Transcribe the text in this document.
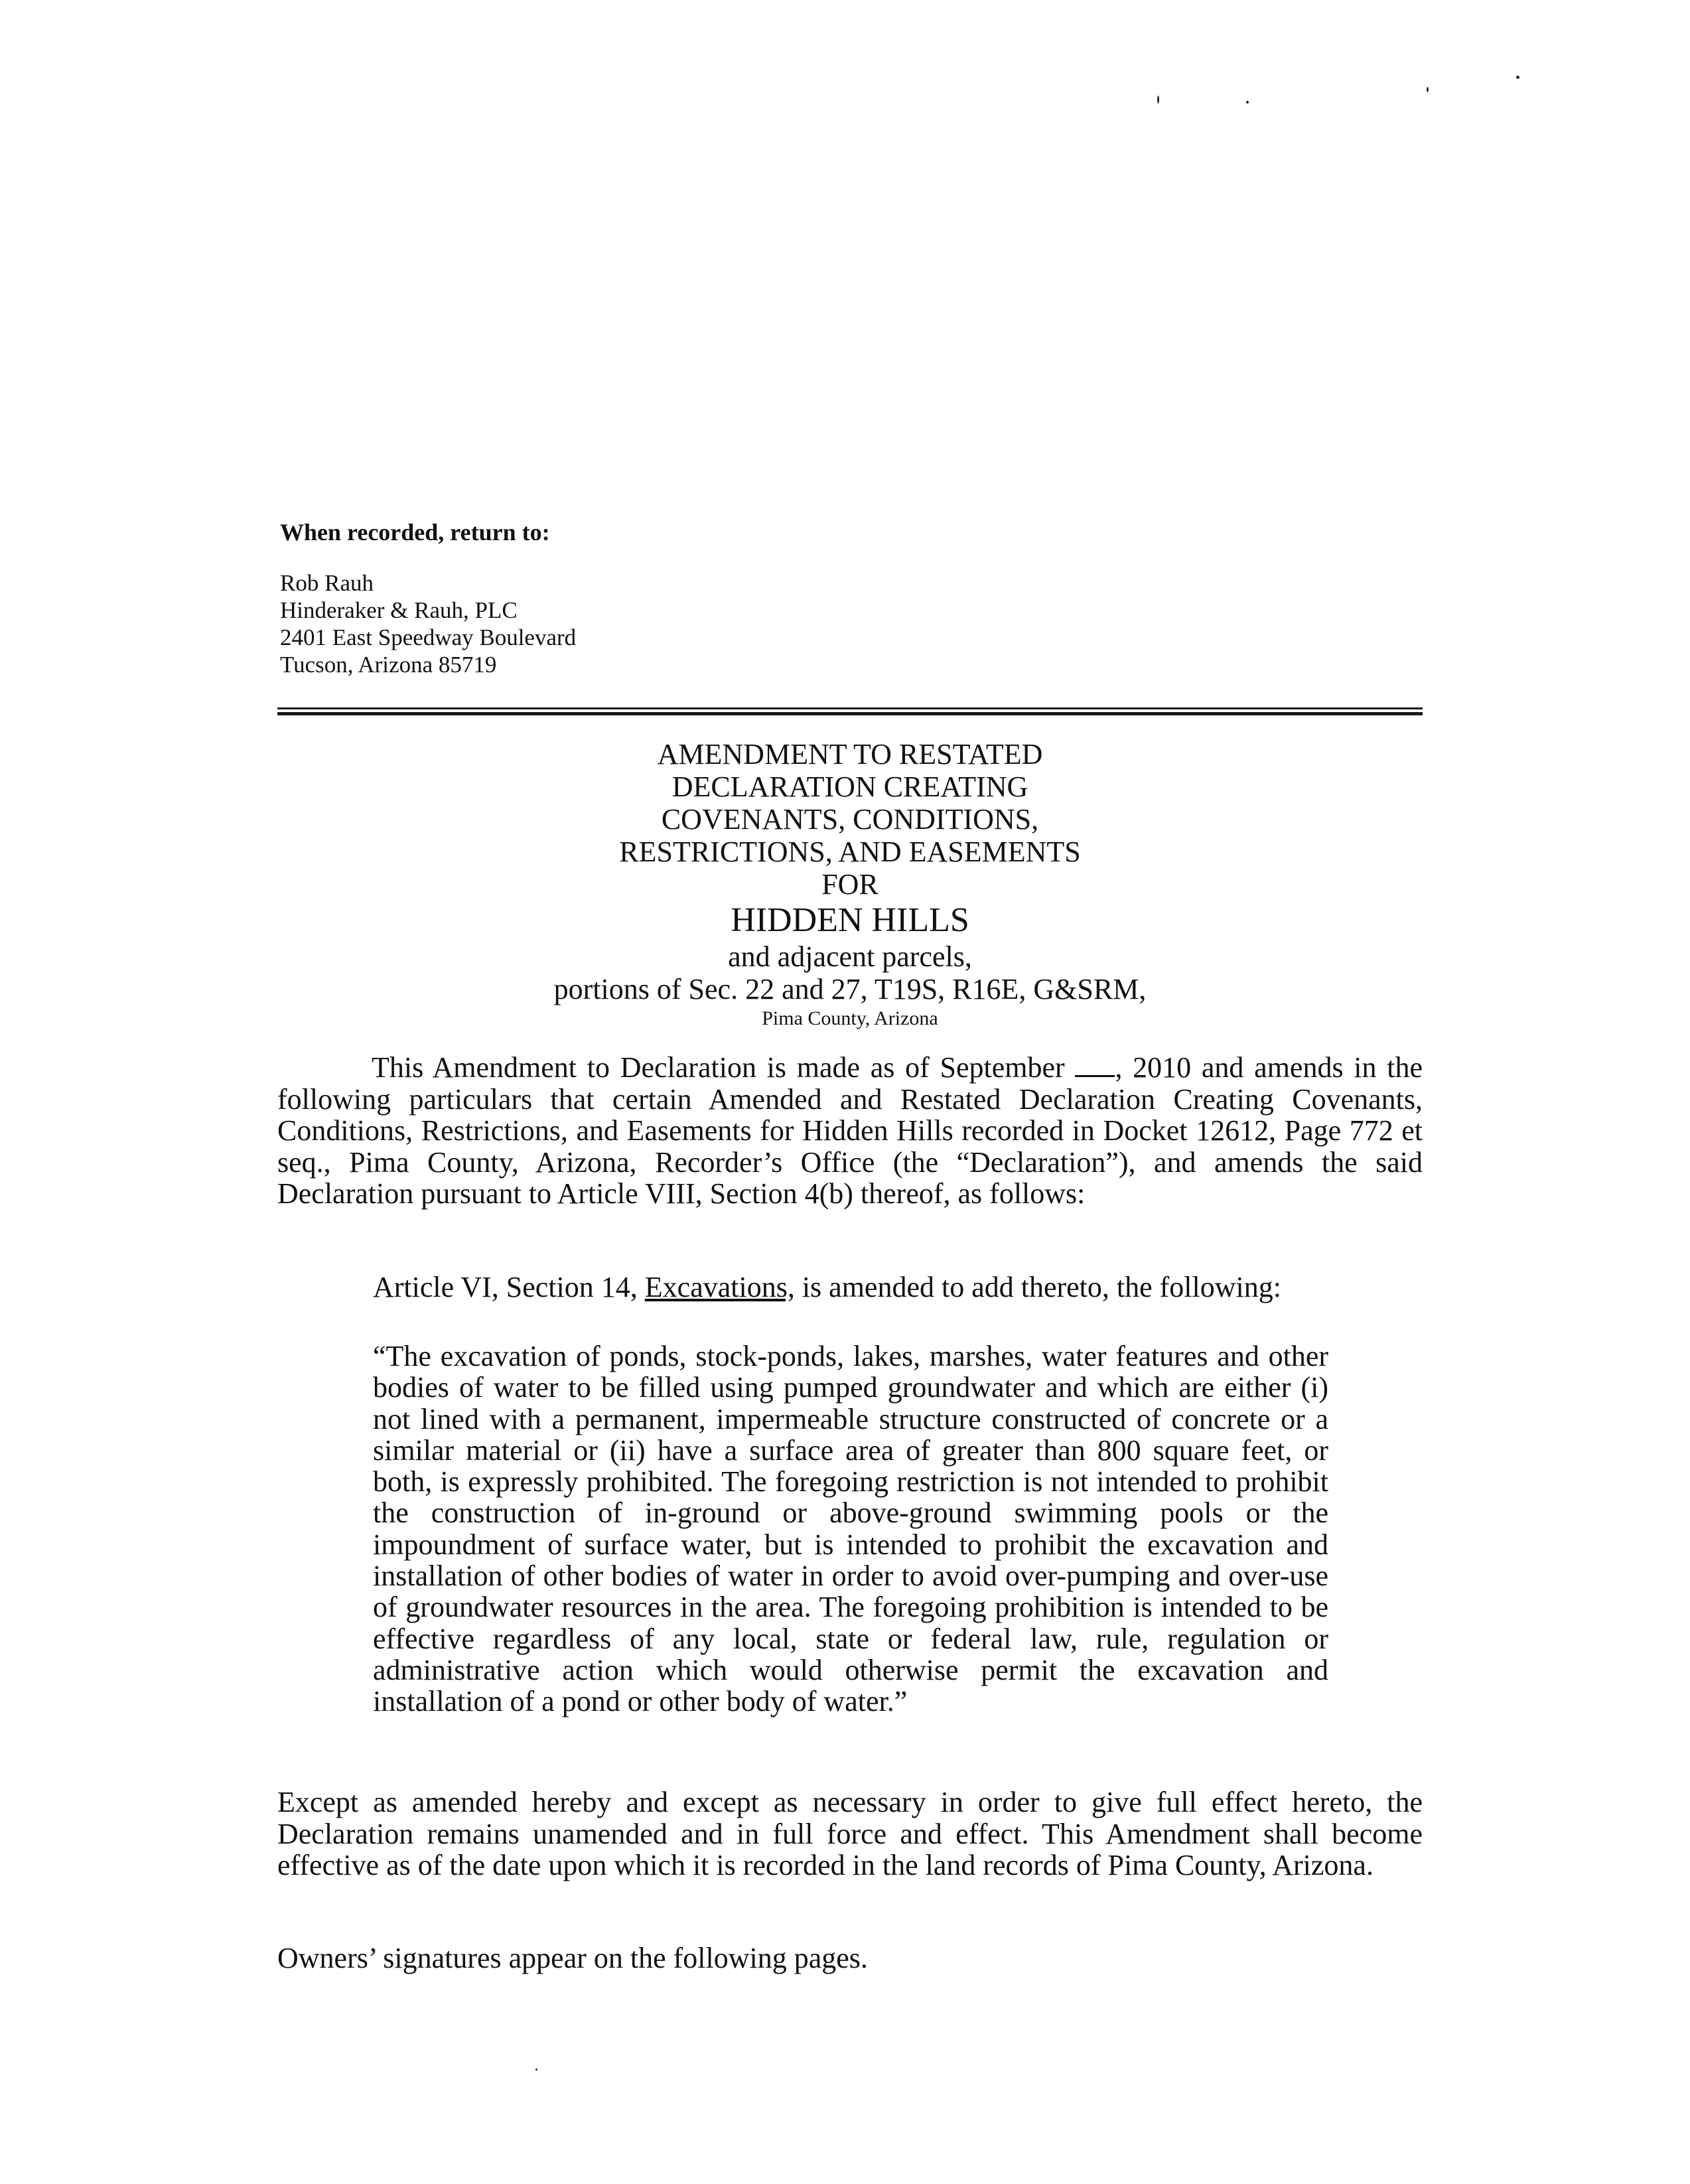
When recorded, return to:
Rob Rauh
Hinderaker & Rauh, PLC
2401 East Speedway Boulevard
Tucson, Arizona 85719
AMENDMENT TO RESTATED
DECLARATION CREATING
COVENANTS, CONDITIONS,
RESTRICTIONS, AND EASEMENTS
FOR
HIDDEN HILLS
and adjacent parcels,
portions of Sec. 22 and 27, T19S, R16E, G&SRM,
Pima County, Arizona
This Amendment to Declaration is made as of September , 2010 and amends in the following particulars that certain Amended and Restated Declaration Creating Covenants, Conditions, Restrictions, and Easements for Hidden Hills recorded in Docket 12612, Page 772 et seq., Pima County, Arizona, Recorder’s Office (the “Declaration”), and amends the said Declaration pursuant to Article VIII, Section 4(b) thereof, as follows:
Article VI, Section 14, Excavations, is amended to add thereto, the following:
“The excavation of ponds, stock-ponds, lakes, marshes, water features and other bodies of water to be filled using pumped groundwater and which are either (i) not lined with a permanent, impermeable structure constructed of concrete or a similar material or (ii) have a surface area of greater than 800 square feet, or both, is expressly prohibited. The foregoing restriction is not intended to prohibit the construction of in-ground or above-ground swimming pools or the impoundment of surface water, but is intended to prohibit the excavation and installation of other bodies of water in order to avoid over-pumping and over-use of groundwater resources in the area. The foregoing prohibition is intended to be effective regardless of any local, state or federal law, rule, regulation or administrative action which would otherwise permit the excavation and installation of a pond or other body of water.”
Except as amended hereby and except as necessary in order to give full effect hereto, the Declaration remains unamended and in full force and effect. This Amendment shall become effective as of the date upon which it is recorded in the land records of Pima County, Arizona.
Owners’ signatures appear on the following pages.
